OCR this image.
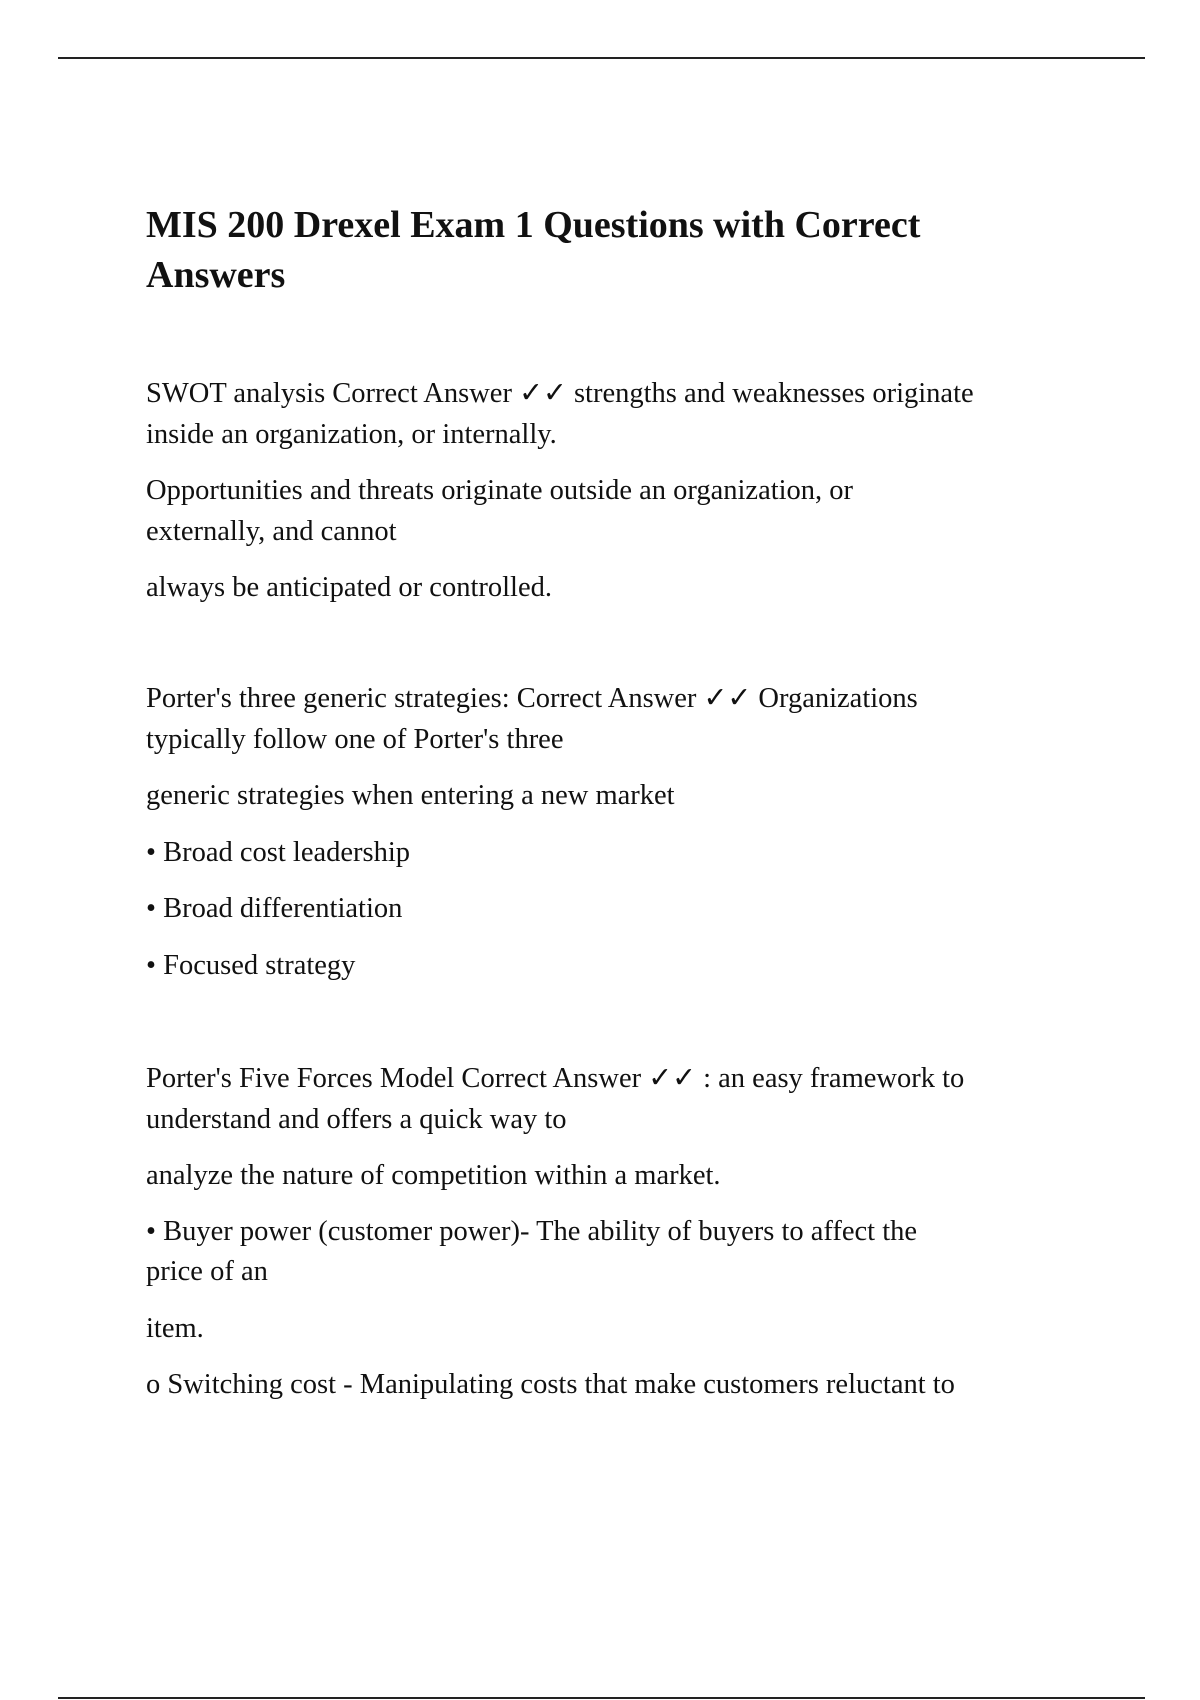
MIS 200 Drexel Exam 1 Questions with Correct Answers
SWOT analysis Correct Answer ✓✓ strengths and weaknesses originate
inside an organization, or internally.
Opportunities and threats originate outside an organization, or
externally, and cannot
always be anticipated or controlled.
Porter's three generic strategies: Correct Answer ✓✓ Organizations
typically follow one of Porter's three
generic strategies when entering a new market
• Broad cost leadership
• Broad differentiation
• Focused strategy
Porter's Five Forces Model Correct Answer ✓✓ : an easy framework to
understand and offers a quick way to
analyze the nature of competition within a market.
• Buyer power (customer power)- The ability of buyers to affect the
price of an
item.
o Switching cost - Manipulating costs that make customers reluctant to
